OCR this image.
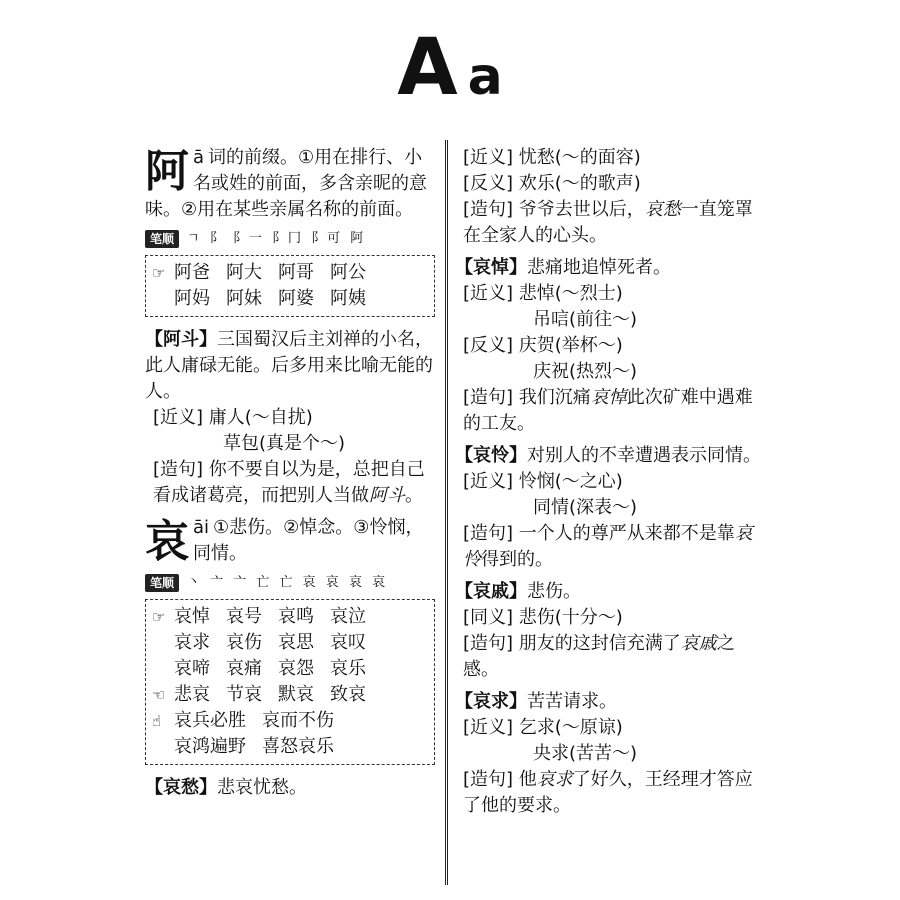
Aa
阿 ā 词的前缀。①用在排行、小名或姓的前面，多含亲昵的意味。②用在某些亲属名称的前面。

笔顺	ㄱ 阝 阝一 阝冂 阝可 阿
☞ 阿爸 阿大 阿哥 阿公
阿妈 阿妹 阿婆 阿姨

【阿斗】三国蜀汉后主刘禅的小名，此人庸碌无能。后多用来比喻无能的人。

[近义] 庸人(～自扰)

草包(真是个～)

[造句] 你不要自以为是，总把自己看成诸葛亮，而把别人当做阿斗。

哀 āi ①悲伤。②悼念。③怜悯，同情。

笔顺	丶 亠 亠 亡 亡 哀 哀 哀 哀
☞ 哀悼 哀号 哀鸣 哀泣
哀求 哀伤 哀思 哀叹
哀啼 哀痛 哀怨 哀乐
☜ 悲哀 节哀 默哀 致哀
☝ 哀兵必胜 哀而不伤
哀鸿遍野 喜怒哀乐

【哀愁】悲哀忧愁。

[近义] 忧愁(～的面容)

[反义] 欢乐(～的歌声)

[造句] 爷爷去世以后，哀愁一直笼罩在全家人的心头。

【哀悼】悲痛地追悼死者。

[近义] 悲悼(～烈士)

吊唁(前往～)

[反义] 庆贺(举杯～)

庆祝(热烈～)

[造句] 我们沉痛哀悼此次矿难中遇难的工友。

【哀怜】对别人的不幸遭遇表示同情。

[近义] 怜悯(～之心)

同情(深表～)

[造句] 一个人的尊严从来都不是靠哀怜得到的。

【哀戚】悲伤。

[同义] 悲伤(十分～)

[造句] 朋友的这封信充满了哀戚之感。

【哀求】苦苦请求。

[近义] 乞求(～原谅)

央求(苦苦～)

[造句] 他哀求了好久，王经理才答应了他的要求。
